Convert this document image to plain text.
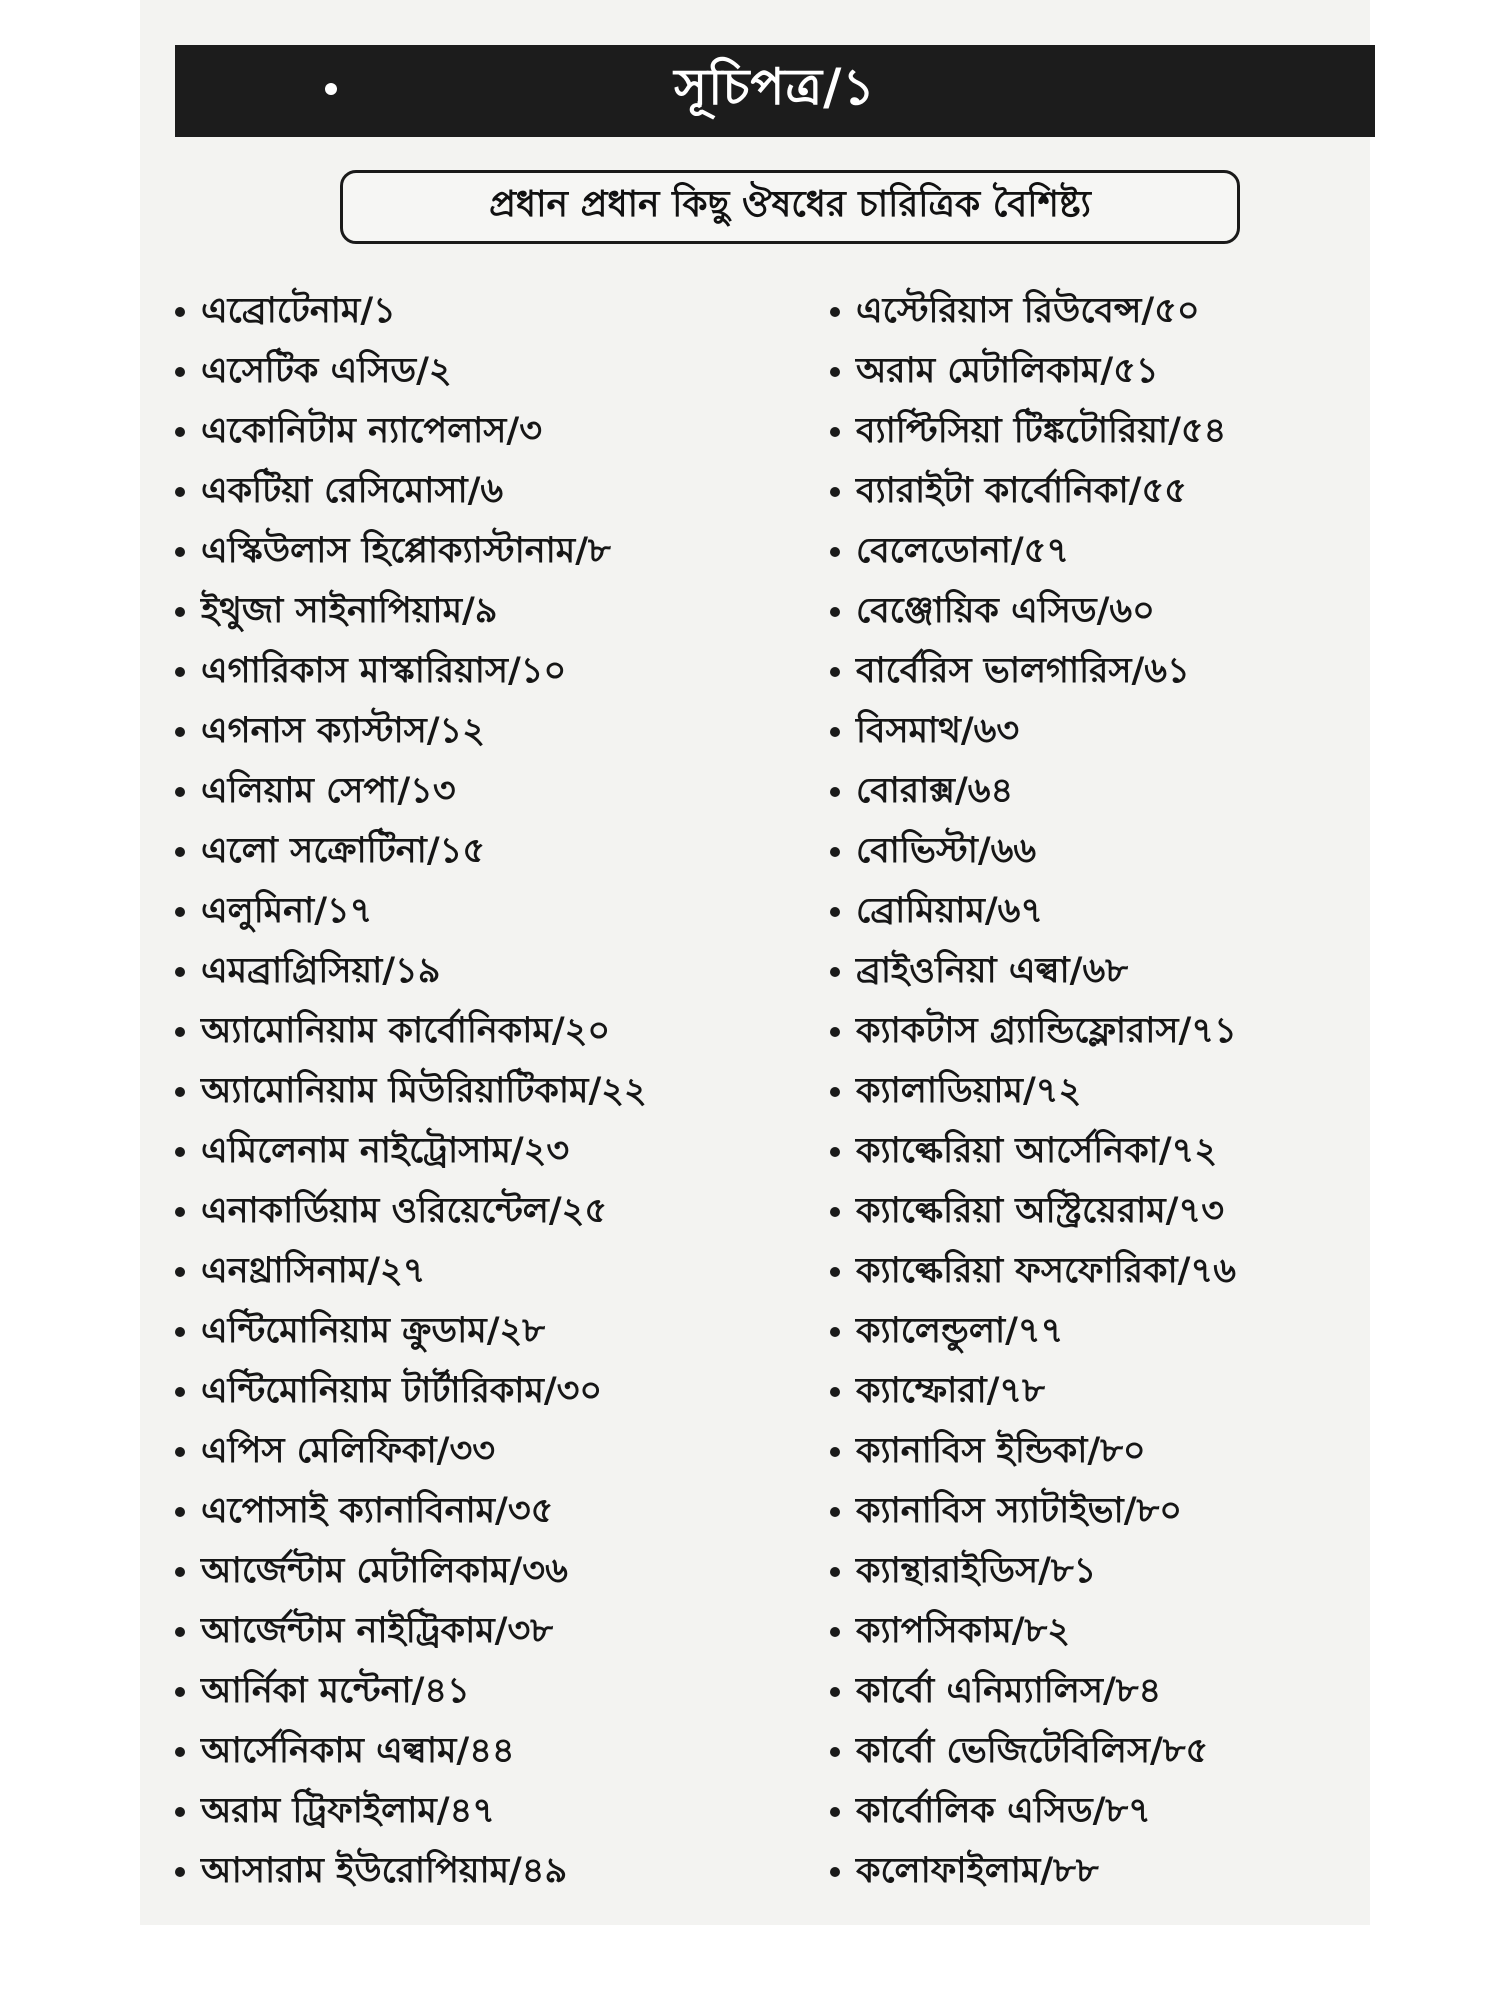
সূচিপত্র/১
প্রধান প্রধান কিছু ঔষধের চারিত্রিক বৈশিষ্ট্য
এব্রোটেনাম/১
এসেটিক এসিড/২
একোনিটাম ন্যাপেলাস/৩
একটিয়া রেসিমোসা/৬
এস্কিউলাস হিপ্পোক্যাস্টানাম/৮
ইথুজা সাইনাপিয়াম/৯
এগারিকাস মাস্কারিয়াস/১০
এগনাস ক্যাস্টাস/১২
এলিয়াম সেপা/১৩
এলো সক্রোটিনা/১৫
এলুমিনা/১৭
এমব্রাগ্রিসিয়া/১৯
অ্যামোনিয়াম কার্বোনিকাম/২০
অ্যামোনিয়াম মিউরিয়াটিকাম/২২
এমিলেনাম নাইট্রোসাম/২৩
এনাকার্ডিয়াম ওরিয়েন্টেল/২৫
এনথ্রাসিনাম/২৭
এন্টিমোনিয়াম ক্রুডাম/২৮
এন্টিমোনিয়াম টার্টারিকাম/৩০
এপিস মেলিফিকা/৩৩
এপোসাই ক্যানাবিনাম/৩৫
আর্জেন্টাম মেটালিকাম/৩৬
আর্জেন্টাম নাইট্রিকাম/৩৮
আর্নিকা মন্টেনা/৪১
আর্সেনিকাম এল্বাম/৪৪
অরাম ট্রিফাইলাম/৪৭
আসারাম ইউরোপিয়াম/৪৯
এস্টেরিয়াস রিউবেন্স/৫০
অরাম মেটালিকাম/৫১
ব্যাপ্টিসিয়া টিঙ্কটোরিয়া/৫৪
ব্যারাইটা কার্বোনিকা/৫৫
বেলেডোনা/৫৭
বেঞ্জোয়িক এসিড/৬০
বার্বেরিস ভালগারিস/৬১
বিসমাথ/৬৩
বোরাক্স/৬৪
বোভিস্টা/৬৬
ব্রোমিয়াম/৬৭
ব্রাইওনিয়া এল্বা/৬৮
ক্যাকটাস গ্র্যান্ডিফ্লোরাস/৭১
ক্যালাডিয়াম/৭২
ক্যাল্কেরিয়া আর্সেনিকা/৭২
ক্যাল্কেরিয়া অস্ট্রিয়েরাম/৭৩
ক্যাল্কেরিয়া ফসফোরিকা/৭৬
ক্যালেন্ডুলা/৭৭
ক্যাম্ফোরা/৭৮
ক্যানাবিস ইন্ডিকা/৮০
ক্যানাবিস স্যাটাইভা/৮০
ক্যান্থারাইডিস/৮১
ক্যাপসিকাম/৮২
কার্বো এনিম্যালিস/৮৪
কার্বো ভেজিটেবিলিস/৮৫
কার্বোলিক এসিড/৮৭
কলোফাইলাম/৮৮
